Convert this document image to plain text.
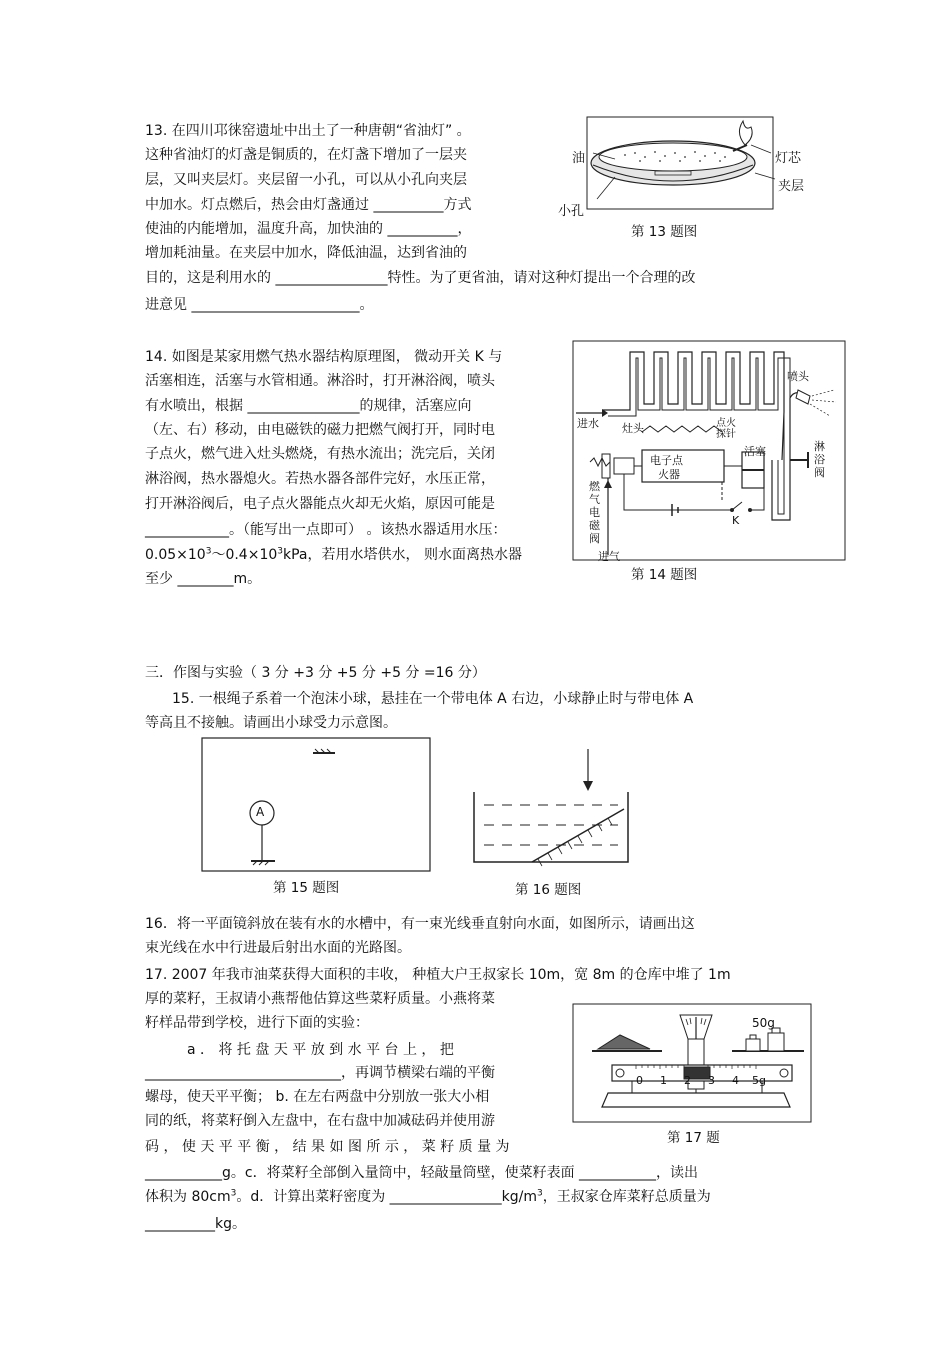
13. 在四川邛徕窑遗址中出土了一种唐朝“省油灯” 。
这种省油灯的灯盏是铜质的，在灯盏下增加了一层夹
层，又叫夹层灯。夹层留一小孔，可以从小孔向夹层
中加水。灯点燃后，热会由灯盏通过 __________方式
使油的内能增加，温度升高，加快油的 __________，
增加耗油量。在夹层中加水，降低油温，达到省油的
目的，这是利用水的 ________________特性。为了更省油，请对这种灯提出一个合理的改
进意见 ________________________。
油	灯芯
夹层
小孔
第 13 题图
14. 如图是某家用燃气热水器结构原理图， 微动开关 K 与
活塞相连，活塞与水管相通。淋浴时，打开淋浴阀，喷头
有水喷出，根据 ________________的规律，活塞应向
（左、右）移动，由电磁铁的磁力把燃气阀打开，同时电
子点火，燃气进入灶头燃烧，有热水流出；洗完后，关闭
淋浴阀，热水器熄火。若热水器各部件完好，水压正常，
打开淋浴阀后，电子点火器能点火却无火焰，原因可能是
____________。（能写出一点即可） 。该热水器适用水压：
$0.05\times 10^3\sim 0.4\times 10^3kPa$，若用水塔供水， 则水面离热水器
至少 ________m。
进水 灶头	点火探针
喷头
淋浴阀
活塞
电子点
火器
燃气电磁阀
进气
K
第 14 题图
三．作图与实验（ 3 分 +3 分 +5 分 +5 分 =16 分）
15. 一根绳子系着一个泡沫小球，悬挂在一个带电体 A 右边，小球静止时与带电体 A
等高且不接触。请画出小球受力示意图。
A
第 15 题图	第 16 题图
16．将一平面镜斜放在装有水的水槽中，有一束光线垂直射向水面，如图所示，请画出这
束光线在水中行进最后射出水面的光路图。
17. 2007 年我市油菜获得大面积的丰收， 种植大户王叔家长 10m，宽 8m 的仓库中堆了 1m
厚的菜籽，王叔请小燕帮他估算这些菜籽质量。小燕将菜
籽样品带到学校，进行下面的实验：
a ． 将 托 盘 天 平 放 到 水 平 台 上 ， 把
____________________________，再调节横梁右端的平衡
螺母，使天平平衡； b. 在左右两盘中分别放一张大小相
同的纸，将菜籽倒入左盘中，在右盘中加减砝码并使用游
码 ， 使 天 平 平 衡 ， 结 果 如 图 所 示 ， 菜 籽 质 量 为
___________g。c．将菜籽全部倒入量筒中，轻敲量筒壁，使菜籽表面 ___________，读出
体积为 $80cm^3$。d．计算出菜籽密度为 $\_\_\_\_\_\_\_\_\_\_\_\_\_\_\_\_kg/m^3$，王叔家仓库菜籽总质量为
__________kg。
50g
0 1 2 3 4 5g
第 17 题
